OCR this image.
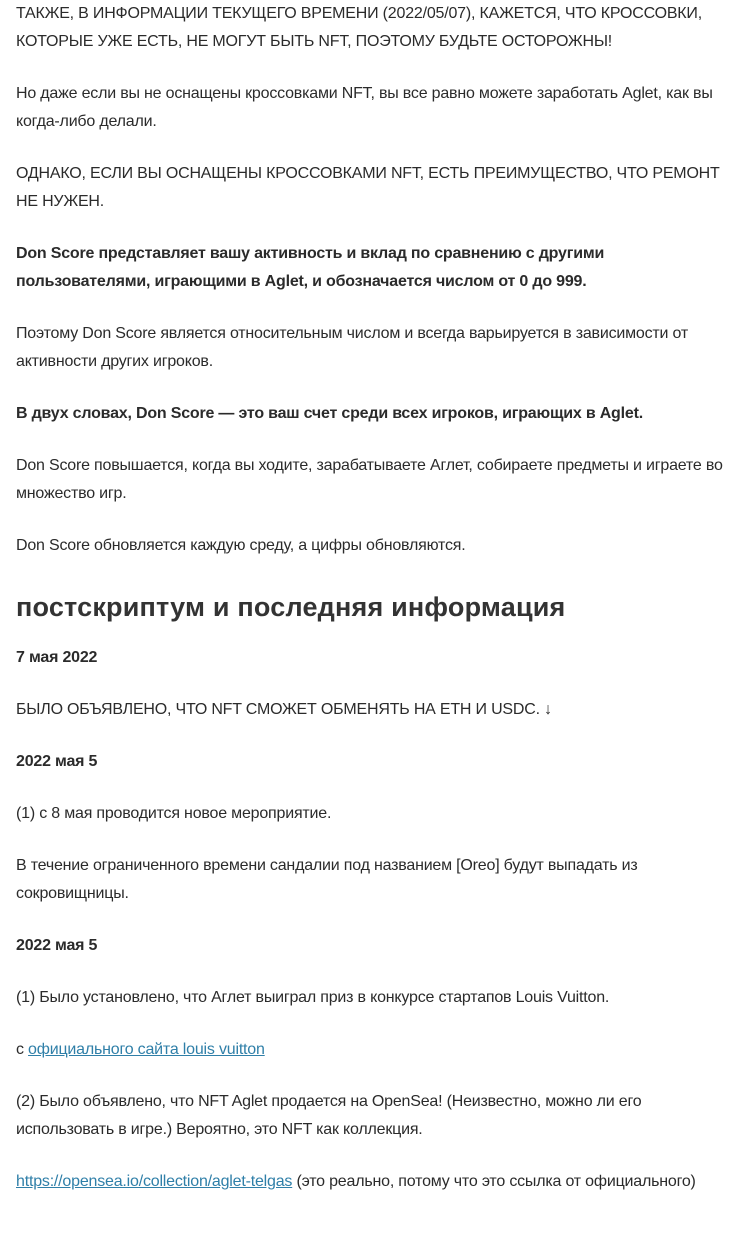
ТАКЖЕ, В ИНФОРМАЦИИ ТЕКУЩЕГО ВРЕМЕНИ (2022/05/07), КАЖЕТСЯ, ЧТО КРОССОВКИ, КОТОРЫЕ УЖЕ ЕСТЬ, НЕ МОГУТ БЫТЬ NFT, ПОЭТОМУ БУДЬТЕ ОСТОРОЖНЫ!

Но даже если вы не оснащены кроссовками NFT, вы все равно можете заработать Aglet, как вы когда-либо делали.

ОДНАКО, ЕСЛИ ВЫ ОСНАЩЕНЫ КРОССОВКАМИ NFT, ЕСТЬ ПРЕИМУЩЕСТВО, ЧТО РЕМОНТ НЕ НУЖЕН.

Don Score представляет вашу активность и вклад по сравнению с другими пользователями, играющими в Aglet, и обозначается числом от 0 до 999.

Поэтому Don Score является относительным числом и всегда варьируется в зависимости от активности других игроков.

В двух словах, Don Score — это ваш счет среди всех игроков, играющих в Aglet.

Don Score повышается, когда вы ходите, зарабатываете Аглет, собираете предметы и играете во множество игр.

Don Score обновляется каждую среду, а цифры обновляются.

постскриптум и последняя информация

7 мая 2022

БЫЛО ОБЪЯВЛЕНО, ЧТО NFT СМОЖЕТ ОБМЕНЯТЬ НА ETH И USDC. ↓

2022 мая 5

(1) с 8 мая проводится новое мероприятие.

В течение ограниченного времени сандалии под названием [Oreo] будут выпадать из сокровищницы.

2022 мая 5

(1) Было установлено, что Аглет выиграл приз в конкурсе стартапов Louis Vuitton.

с официального сайта louis vuitton

(2) Было объявлено, что NFT Aglet продается на OpenSea! (Неизвестно, можно ли его использовать в игре.) Вероятно, это NFT как коллекция.

https://opensea.io/collection/aglet-telgas (это реально, потому что это ссылка от официального)
